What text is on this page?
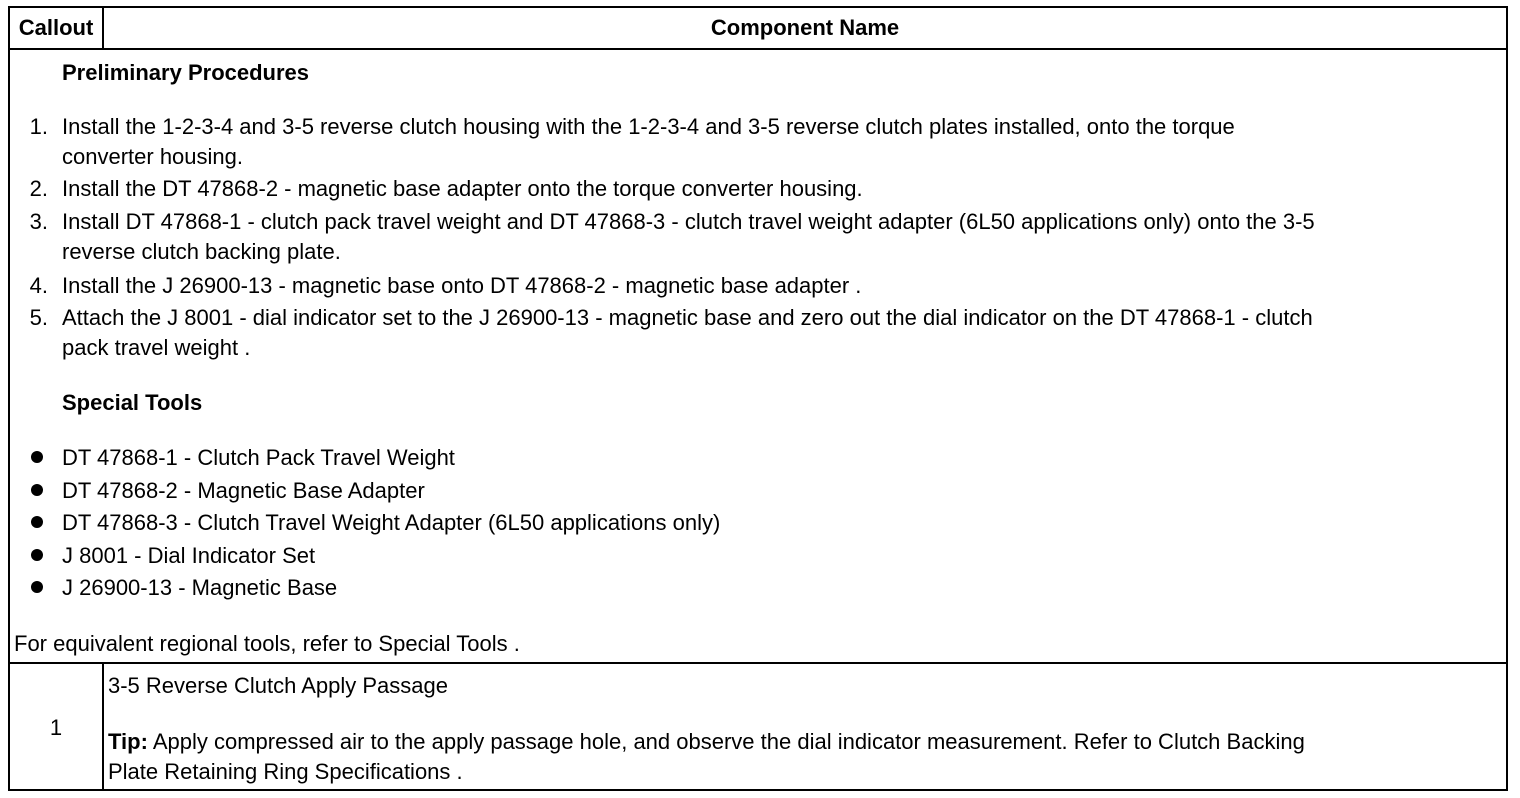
Callout	Component Name
Preliminary Procedures
1. Install the 1-2-3-4 and 3-5 reverse clutch housing with the 1-2-3-4 and 3-5 reverse clutch plates installed, onto the torque
converter housing.
2. Install the DT 47868-2 - magnetic base adapter onto the torque converter housing.
3. Install DT 47868-1 - clutch pack travel weight and DT 47868-3 - clutch travel weight adapter (6L50 applications only) onto the 3-5
reverse clutch backing plate.
4. Install the J 26900-13 - magnetic base onto DT 47868-2 - magnetic base adapter .
5. Attach the J 8001 - dial indicator set to the J 26900-13 - magnetic base and zero out the dial indicator on the DT 47868-1 - clutch
pack travel weight .
Special Tools
DT 47868-1 - Clutch Pack Travel Weight
DT 47868-2 - Magnetic Base Adapter
DT 47868-3 - Clutch Travel Weight Adapter (6L50 applications only)
J 8001 - Dial Indicator Set
J 26900-13 - Magnetic Base
For equivalent regional tools, refer to Special Tools .
1
3-5 Reverse Clutch Apply Passage
Tip: Apply compressed air to the apply passage hole, and observe the dial indicator measurement. Refer to Clutch Backing
Plate Retaining Ring Specifications .
